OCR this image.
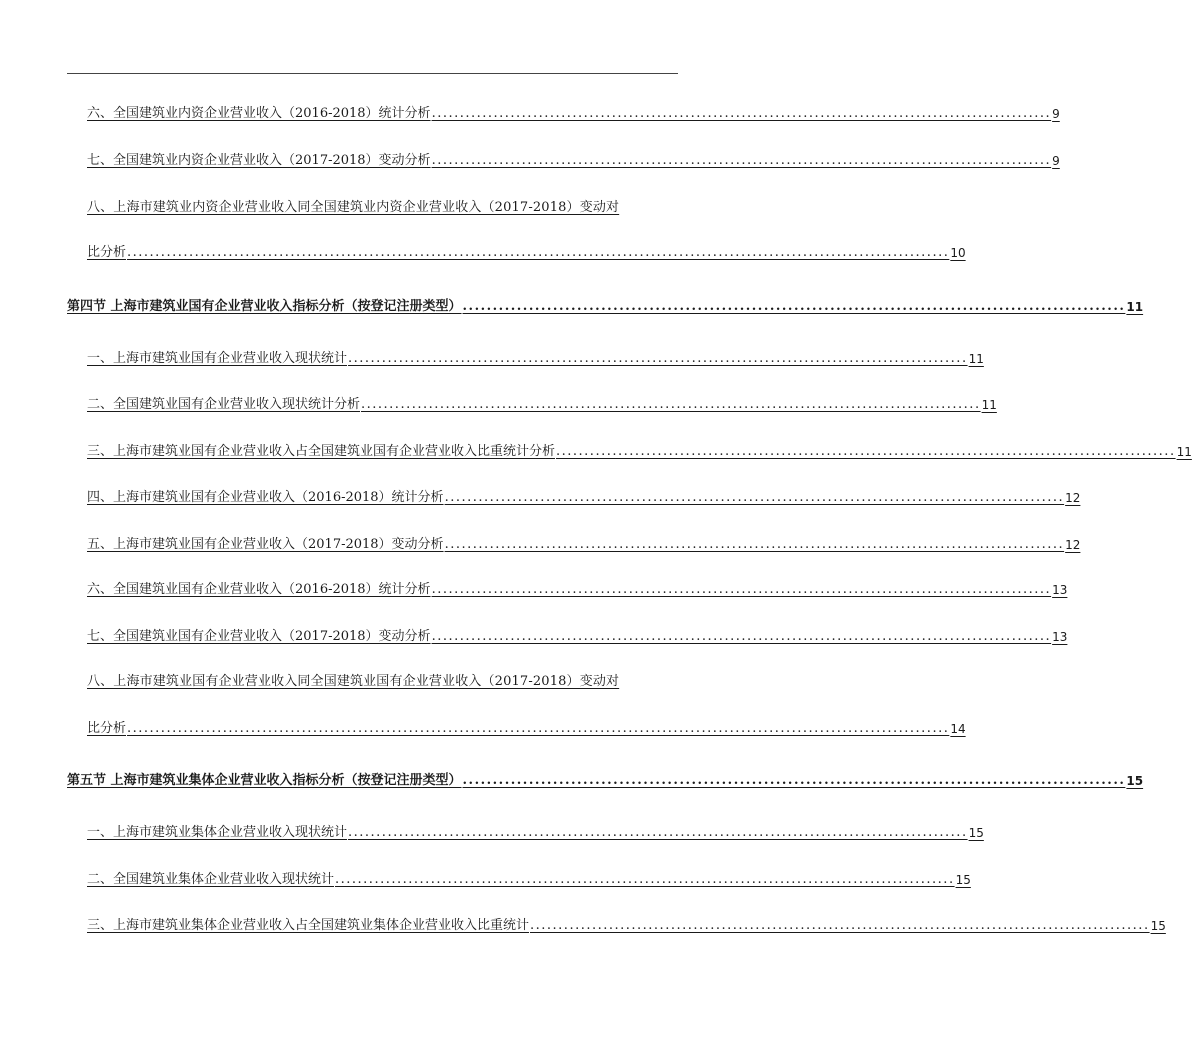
六、全国建筑业内资企业营业收入（2016-2018）统计分析 .............................................................................................................. 9
七、全国建筑业内资企业营业收入（2017-2018）变动分析 .............................................................................................................. 9
八、上海市建筑业内资企业营业收入同全国建筑业内资企业营业收入（2017-2018）变动对
比分析 .................................................................................................................................................. 10
第四节 上海市建筑业国有企业营业收入指标分析（按登记注册类型） .............................................................................................................. 11
一、上海市建筑业国有企业营业收入现状统计 .............................................................................................................. 11
二、全国建筑业国有企业营业收入现状统计分析 .............................................................................................................. 11
三、上海市建筑业国有企业营业收入占全国建筑业国有企业营业收入比重统计分析 .............................................................................................................. 11
四、上海市建筑业国有企业营业收入（2016-2018）统计分析 .............................................................................................................. 12
五、上海市建筑业国有企业营业收入（2017-2018）变动分析 .............................................................................................................. 12
六、全国建筑业国有企业营业收入（2016-2018）统计分析 .............................................................................................................. 13
七、全国建筑业国有企业营业收入（2017-2018）变动分析 .............................................................................................................. 13
八、上海市建筑业国有企业营业收入同全国建筑业国有企业营业收入（2017-2018）变动对
比分析 .................................................................................................................................................. 14
第五节 上海市建筑业集体企业营业收入指标分析（按登记注册类型） .............................................................................................................. 15
一、上海市建筑业集体企业营业收入现状统计 .............................................................................................................. 15
二、全国建筑业集体企业营业收入现状统计 .............................................................................................................. 15
三、上海市建筑业集体企业营业收入占全国建筑业集体企业营业收入比重统计 .............................................................................................................. 15
